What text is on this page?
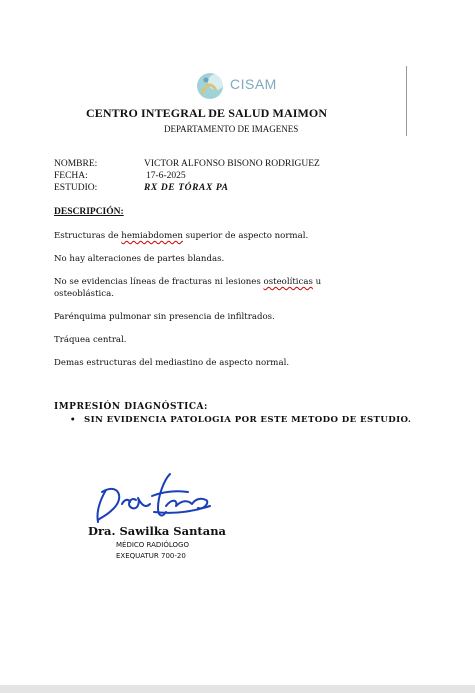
CISAM
CENTRO INTEGRAL DE SALUD MAIMON
DEPARTAMENTO DE IMAGENES
NOMBRE:	VICTOR ALFONSO BISONO RODRIGUEZ
FECHA:	17-6-2025
ESTUDIO:	RX DE TÓRAX PA
DESCRIPCIÓN:
Estructuras de hemiabdomen superior de aspecto normal.
No hay alteraciones de partes blandas.
No se evidencias líneas de fracturas ni lesiones osteolíticas u osteoblástica.
Parénquima pulmonar sin presencia de infiltrados.
Tráquea central.
Demas estructuras del mediastino de aspecto normal.
IMPRESIÓN DIAGNÓSTICA:
• SIN EVIDENCIA PATOLOGIA POR ESTE METODO DE ESTUDIO.
Dra. Sawilka Santana
MÉDICO RADIÓLOGO
EXEQUATUR 700-20
